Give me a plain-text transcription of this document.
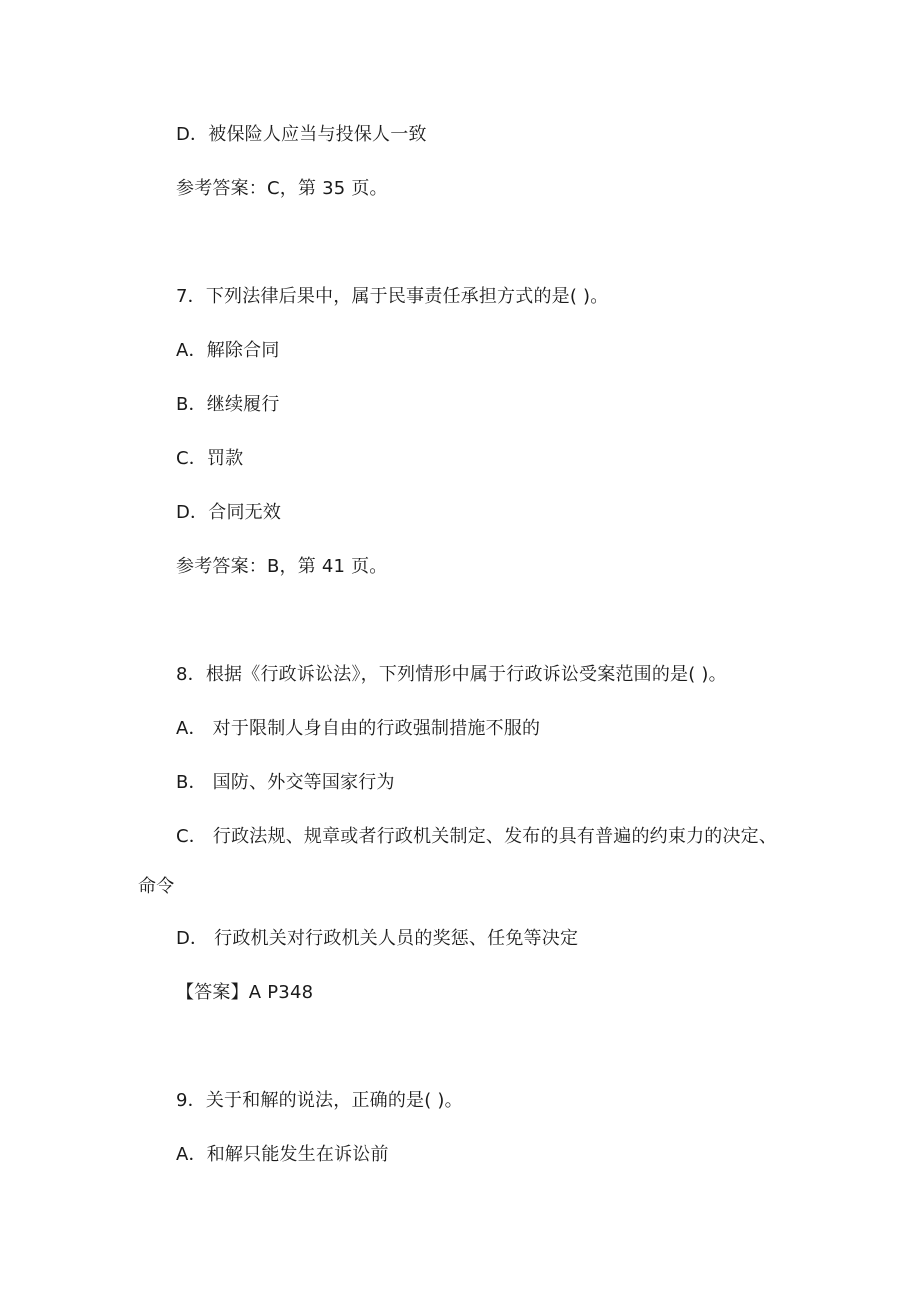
D．被保险人应当与投保人一致
参考答案：C，第 35 页。
7．下列法律后果中，属于民事责任承担方式的是( )。
A．解除合同
B．继续履行
C．罚款
D．合同无效
参考答案：B，第 41 页。
8．根据《行政诉讼法》，下列情形中属于行政诉讼受案范围的是( )。
A． 对于限制人身自由的行政强制措施不服的
B． 国防、外交等国家行为
C． 行政法规、规章或者行政机关制定、发布的具有普遍的约束力的决定、
命令
D． 行政机关对行政机关人员的奖惩、任免等决定
【答案】A P348
9．关于和解的说法，正确的是( )。
A．和解只能发生在诉讼前
